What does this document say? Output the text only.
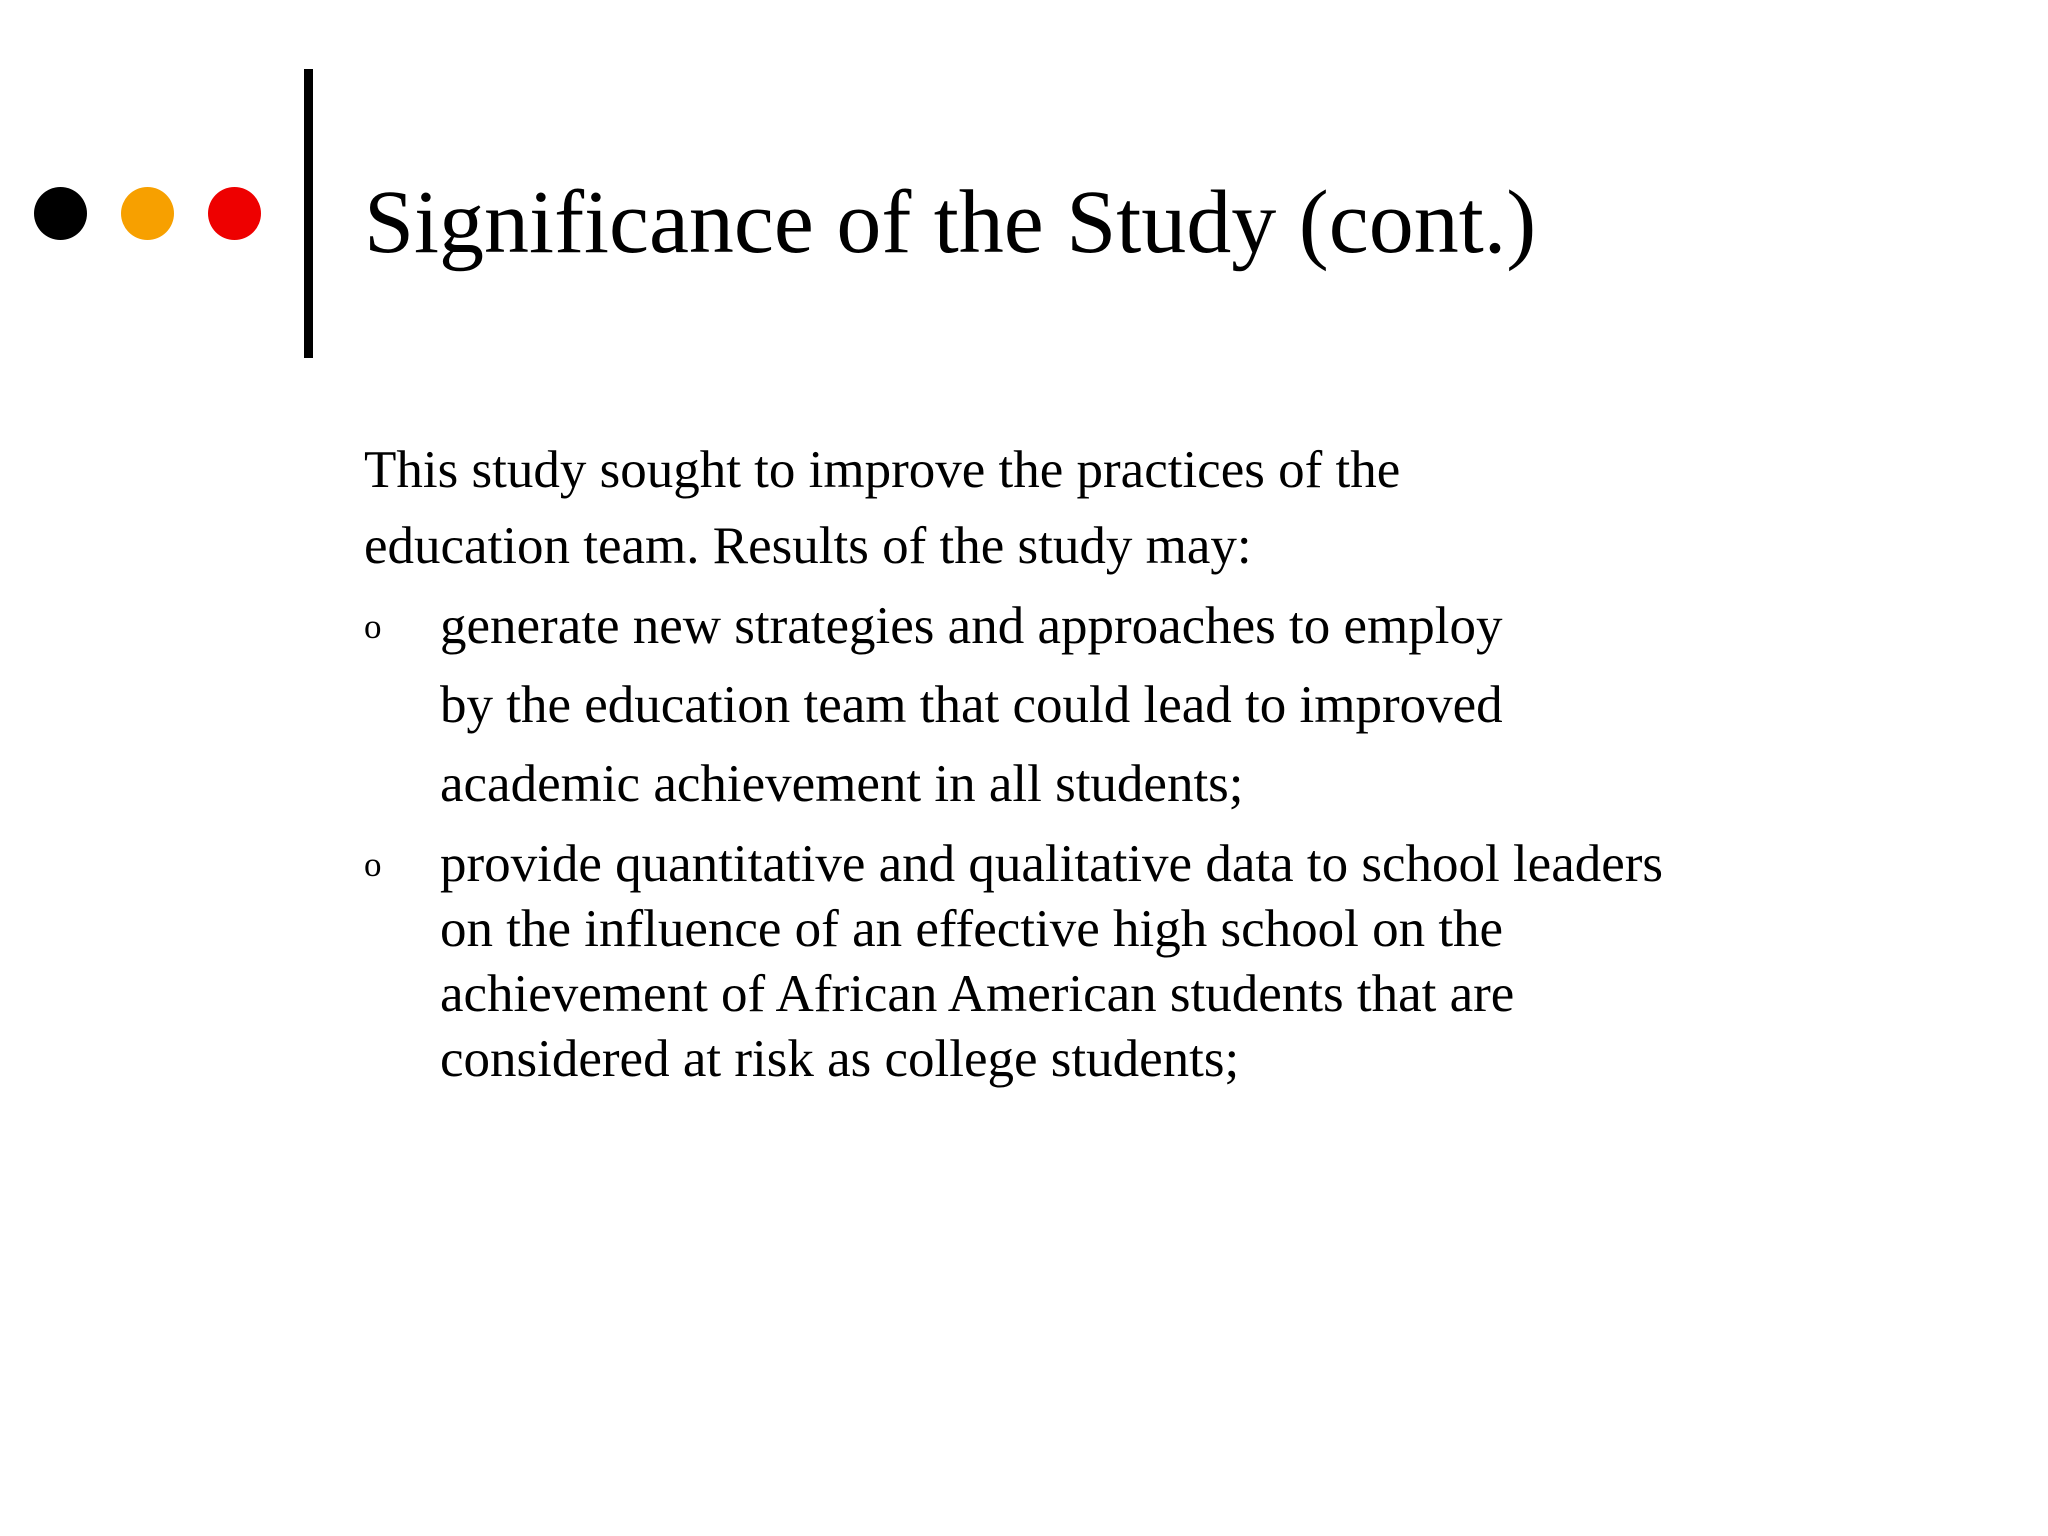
Significance of the Study (cont.)
This study sought to improve the practices of the
education team. Results of the study may:
o generate new strategies and approaches to employ
by the education team that could lead to improved
academic achievement in all students;
o provide quantitative and qualitative data to school leaders
on the influence of an effective high school on the
achievement of African American students that are
considered at risk as college students;
